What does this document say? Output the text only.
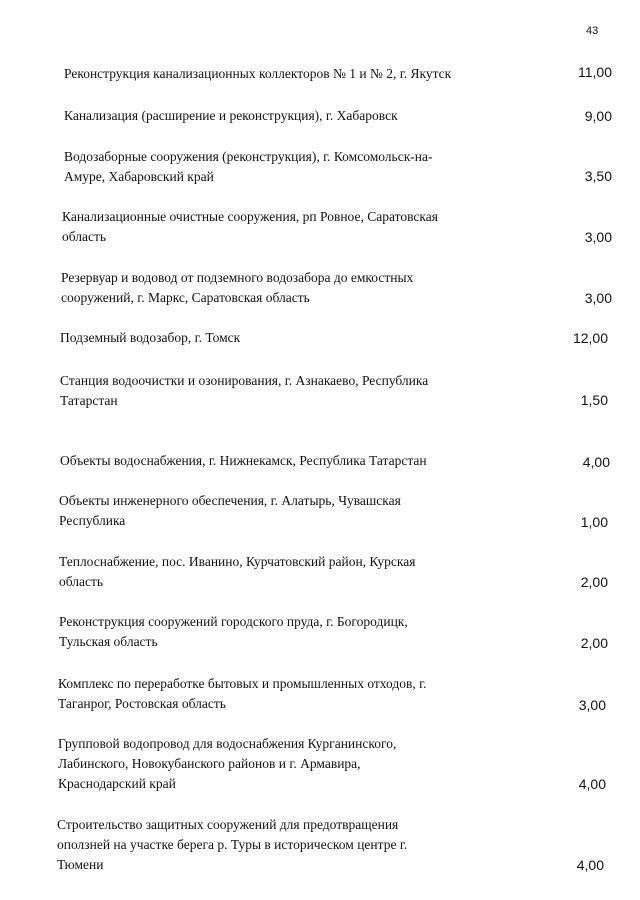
43
Реконструкция канализационных коллекторов № 1 и № 2, г. Якутск	11,00
Канализация (расширение и реконструкция), г. Хабаровск	9,00
Водозаборные сооружения (реконструкция), г. Комсомольск-на-
Амуре, Хабаровский край	3,50
Канализационные очистные сооружения, рп Ровное, Саратовская
область	3,00
Резервуар и водовод от подземного водозабора до емкостных
сооружений, г. Маркс, Саратовская область	3,00
Подземный водозабор, г. Томск	12,00
Станция водоочистки и озонирования, г. Азнакаево, Республика
Татарстан	1,50
Объекты водоснабжения, г. Нижнекамск, Республика Татарстан	4,00
Объекты инженерного обеспечения, г. Алатырь, Чувашская
Республика	1,00
Теплоснабжение, пос. Иванино, Курчатовский район, Курская
область	2,00
Реконструкция сооружений городского пруда, г. Богородицк,
Тульская область	2,00
Комплекс по переработке бытовых и промышленных отходов, г.
Таганрог, Ростовская область	3,00
Групповой водопровод для водоснабжения Курганинского,
Лабинского, Новокубанского районов и г. Армавира,
Краснодарский край	4,00
Строительство защитных сооружений для предотвращения
оползней на участке берега р. Туры в историческом центре г.
Тюмени	4,00
